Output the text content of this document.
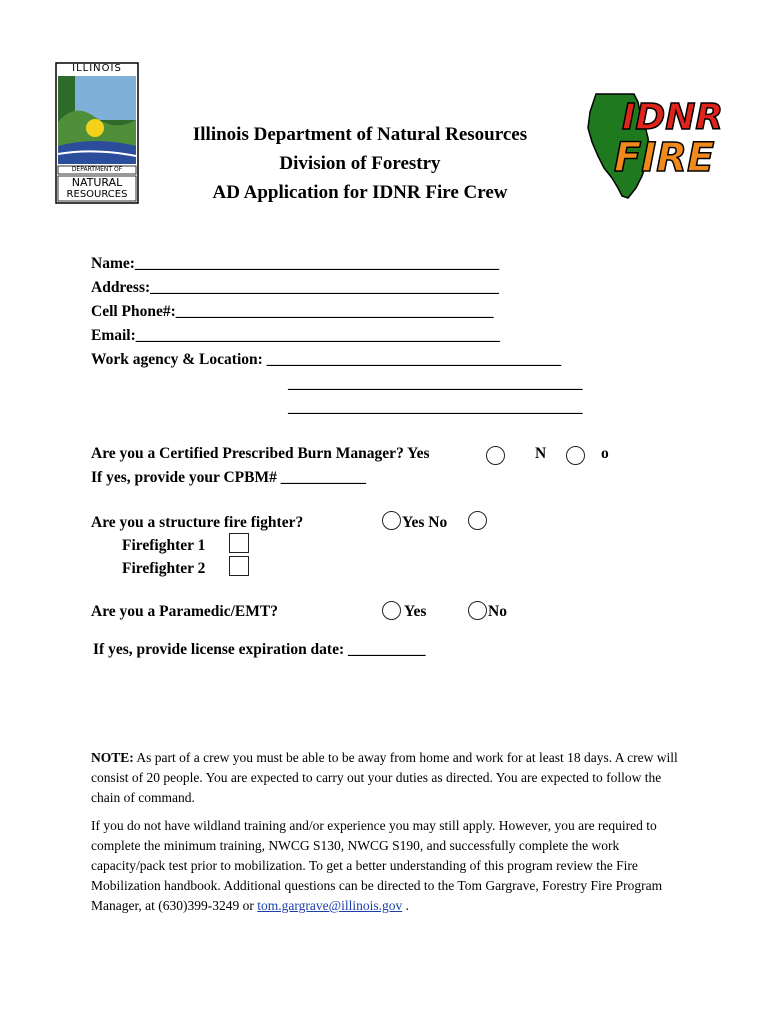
ILLINOIS
DEPARTMENT OF
NATURAL
RESOURCES
IDNR
FIRE
Illinois Department of Natural Resources
Division of Forestry
AD Application for IDNR Fire Crew
Name:_______________________________________________
Address:_____________________________________________
Cell Phone#:_________________________________________
Email:_______________________________________________
Work agency & Location: ______________________________________
______________________________________
______________________________________
Are you a Certified Prescribed Burn Manager? Yes	N	o
If yes, provide your CPBM# ___________
Are you a structure fire fighter?	Yes No
Firefighter 1
Firefighter 2
Are you a Paramedic/EMT?	Yes	No
If yes, provide license expiration date: __________
NOTE: As part of a crew you must be able to be away from home and work for at least 18 days. A crew will consist of 20 people. You are expected to carry out your duties as directed. You are expected to follow the chain of command.
If you do not have wildland training and/or experience you may still apply. However, you are required to complete the minimum training, NWCG S130, NWCG S190, and successfully complete the work capacity/pack test prior to mobilization. To get a better understanding of this program review the Fire Mobilization handbook. Additional questions can be directed to the Tom Gargrave, Forestry Fire Program Manager, at (630)399-3249 or tom.gargrave@illinois.gov .
